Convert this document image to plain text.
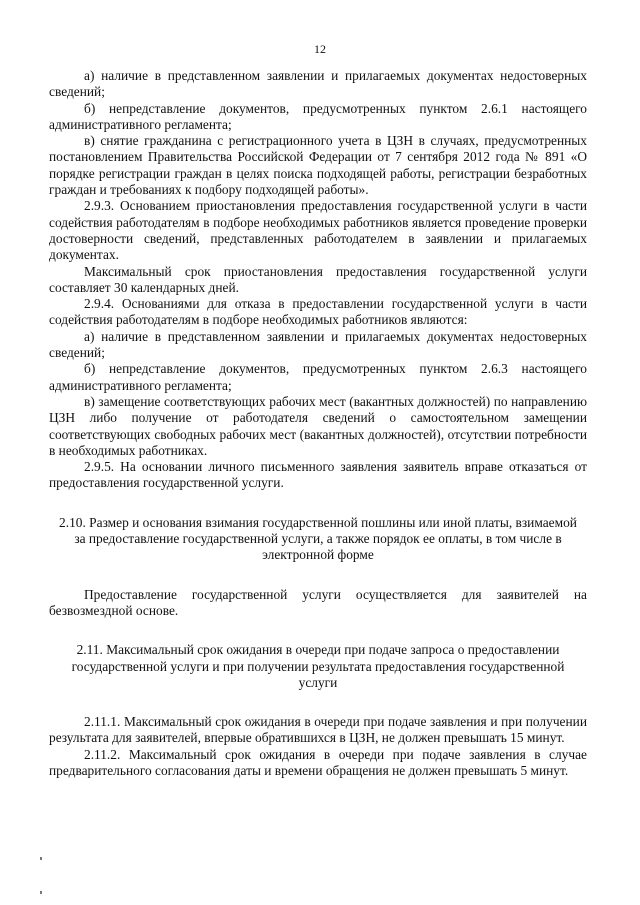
12

а) наличие в представленном заявлении и прилагаемых документах недостоверных сведений;

б) непредставление документов, предусмотренных пунктом 2.6.1 настоящего административного регламента;

в) снятие гражданина с регистрационного учета в ЦЗН в случаях, предусмотренных постановлением Правительства Российской Федерации от 7 сентября 2012 года № 891 «О порядке регистрации граждан в целях поиска подходящей работы, регистрации безработных граждан и требованиях к подбору подходящей работы».

2.9.3. Основанием приостановления предоставления государственной услуги в части содействия работодателям в подборе необходимых работников является проведение проверки достоверности сведений, представленных работодателем в заявлении и прилагаемых документах.

Максимальный срок приостановления предоставления государственной услуги составляет 30 календарных дней.

2.9.4. Основаниями для отказа в предоставлении государственной услуги в части содействия работодателям в подборе необходимых работников являются:

а) наличие в представленном заявлении и прилагаемых документах недостоверных сведений;

б) непредставление документов, предусмотренных пунктом 2.6.3 настоящего административного регламента;

в) замещение соответствующих рабочих мест (вакантных должностей) по направлению ЦЗН либо получение от работодателя сведений о самостоятельном замещении соответствующих свободных рабочих мест (вакантных должностей), отсутствии потребности в необходимых работниках.

2.9.5. На основании личного письменного заявления заявитель вправе отказаться от предоставления государственной услуги.

2.10. Размер и основания взимания государственной пошлины или иной платы, взимаемой за предоставление государственной услуги, а также порядок ее оплаты, в том числе в электронной форме

Предоставление государственной услуги осуществляется для заявителей на безвозмездной основе.

2.11. Максимальный срок ожидания в очереди при подаче запроса о предоставлении государственной услуги и при получении результата предоставления государственной услуги

2.11.1. Максимальный срок ожидания в очереди при подаче заявления и при получении результата для заявителей, впервые обратившихся в ЦЗН, не должен превышать 15 минут.

2.11.2. Максимальный срок ожидания в очереди при подаче заявления в случае предварительного согласования даты и времени обращения не должен превышать 5 минут.
